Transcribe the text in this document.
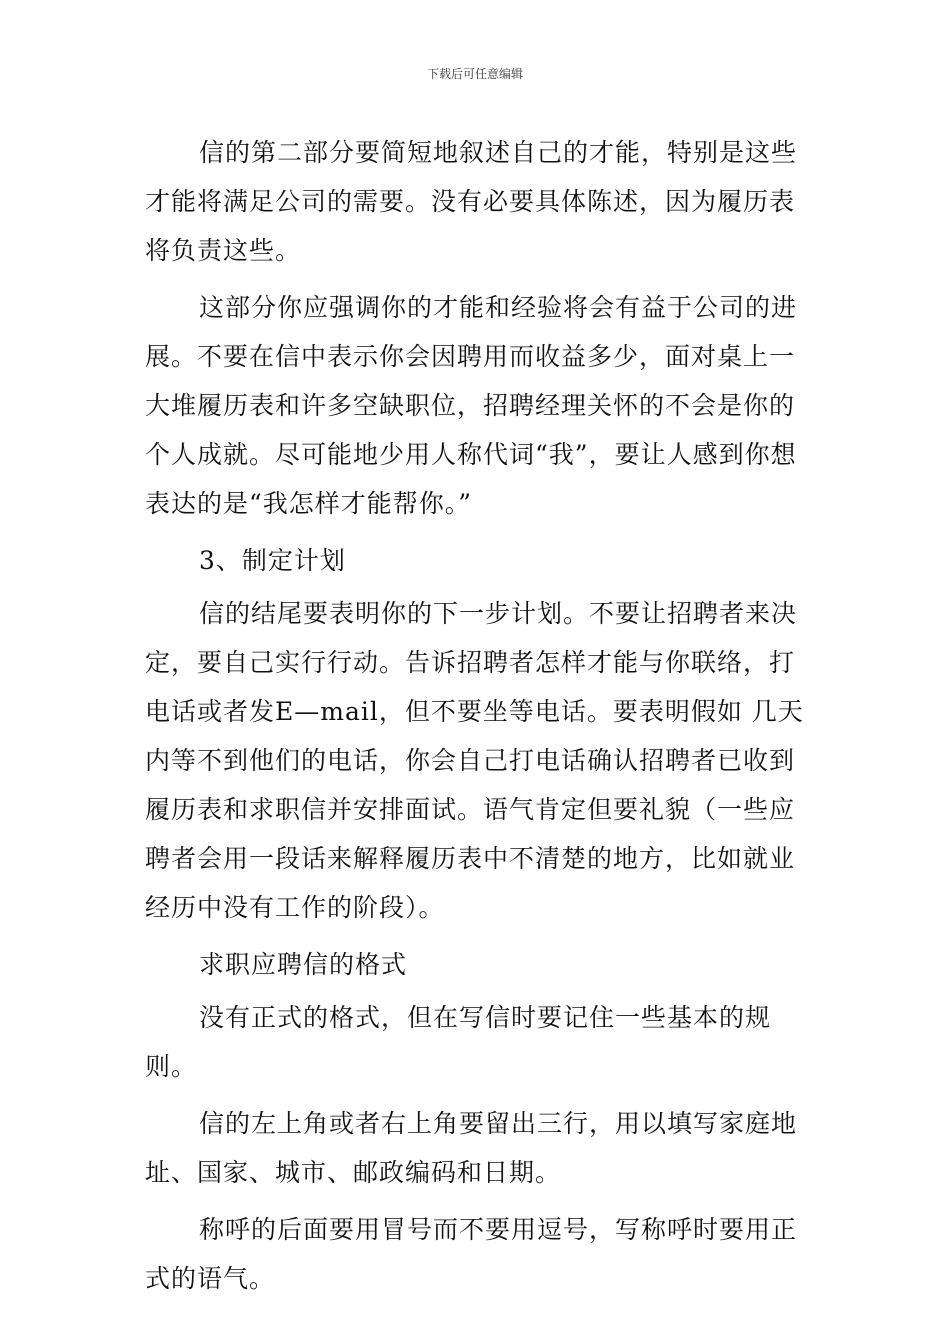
下载后可任意编辑

信的第二部分要简短地叙述自己的才能，特别是这些才能将满足公司的需要。没有必要具体陈述，因为履历表将负责这些。

这部分你应强调你的才能和经验将会有益于公司的进展。不要在信中表示你会因聘用而收益多少，面对桌上一大堆履历表和许多空缺职位，招聘经理关怀的不会是你的个人成就。尽可能地少用人称代词“我”，要让人感到你想表达的是“我怎样才能帮你。”

3、制定计划

信的结尾要表明你的下一步计划。不要让招聘者来决定，要自己实行行动。告诉招聘者怎样才能与你联络，打电话或者发E—mail，但不要坐等电话。要表明假如 几天内等不到他们的电话，你会自己打电话确认招聘者已收到履历表和求职信并安排面试。语气肯定但要礼貌（一些应聘者会用一段话来解释履历表中不清楚的地方，比如就业经历中没有工作的阶段）。

求职应聘信的格式

没有正式的格式，但在写信时要记住一些基本的规则。

信的左上角或者右上角要留出三行，用以填写家庭地址、国家、城市、邮政编码和日期。

称呼的后面要用冒号而不要用逗号，写称呼时要用正式的语气。
